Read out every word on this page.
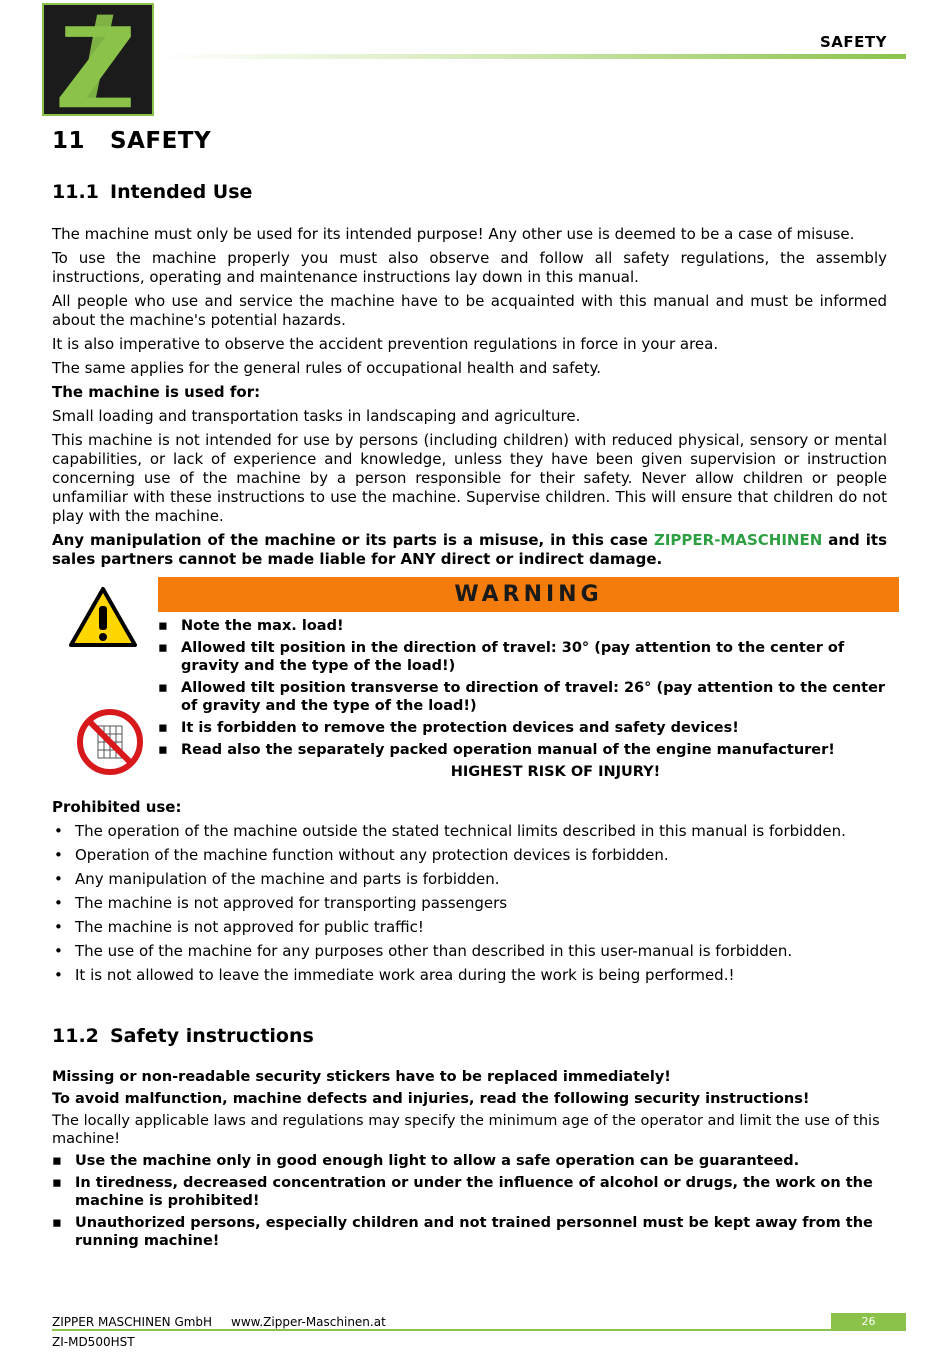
SAFETY
11 SAFETY
11.1 Intended Use

The machine must only be used for its intended purpose! Any other use is deemed to be a case of misuse.

To use the machine properly you must also observe and follow all safety regulations, the assembly instructions, operating and maintenance instructions lay down in this manual.

All people who use and service the machine have to be acquainted with this manual and must be informed about the machine's potential hazards.

It is also imperative to observe the accident prevention regulations in force in your area.

The same applies for the general rules of occupational health and safety.

The machine is used for:

Small loading and transportation tasks in landscaping and agriculture.

This machine is not intended for use by persons (including children) with reduced physical, sensory or mental capabilities, or lack of experience and knowledge, unless they have been given supervision or instruction concerning use of the machine by a person responsible for their safety. Never allow children or people unfamiliar with these instructions to use the machine. Supervise children. This will ensure that children do not play with the machine.

Any manipulation of the machine or its parts is a misuse, in this case ZIPPER-MASCHINEN and its sales partners cannot be made liable for ANY direct or indirect damage.

WARNING
▪ Note the max. load!
▪ Allowed tilt position in the direction of travel: 30° (pay attention to the center of gravity and the type of the load!)
▪ Allowed tilt position transverse to direction of travel: 26° (pay attention to the center of gravity and the type of the load!)
▪ It is forbidden to remove the protection devices and safety devices!
▪ Read also the separately packed operation manual of the engine manufacturer!
HIGHEST RISK OF INJURY!
Prohibited use:
• The operation of the machine outside the stated technical limits described in this manual is forbidden.
• Operation of the machine function without any protection devices is forbidden.
• Any manipulation of the machine and parts is forbidden.
• The machine is not approved for transporting passengers
• The machine is not approved for public traffic!
• The use of the machine for any purposes other than described in this user-manual is forbidden.
• It is not allowed to leave the immediate work area during the work is being performed.!
11.2 Safety instructions

Missing or non-readable security stickers have to be replaced immediately!

To avoid malfunction, machine defects and injuries, read the following security instructions!

The locally applicable laws and regulations may specify the minimum age of the operator and limit the use of this machine!

▪ Use the machine only in good enough light to allow a safe operation can be guaranteed.
▪ In tiredness, decreased concentration or under the influence of alcohol or drugs, the work on the machine is prohibited!
▪ Unauthorized persons, especially children and not trained personnel must be kept away from the running machine!
ZIPPER MASCHINEN GmbH www.Zipper-Maschinen.at	26
ZI-MD500HST
